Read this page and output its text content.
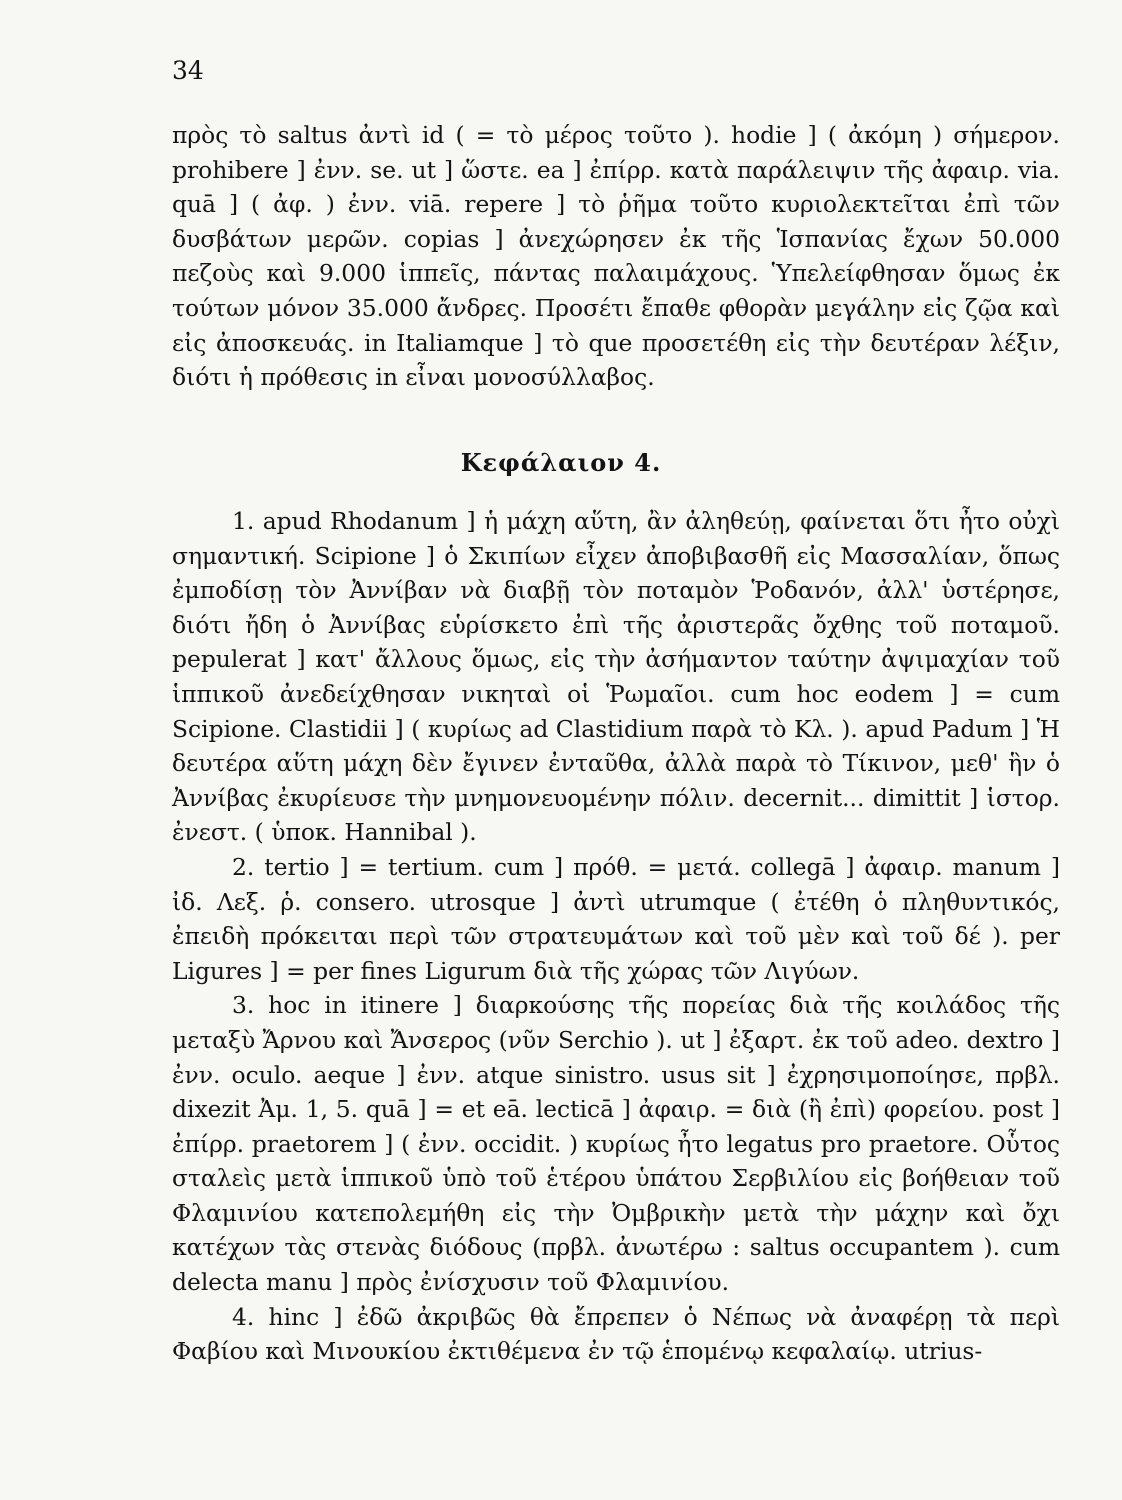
34

πρὸς τὸ saltus ἀντὶ id ( = τὸ μέρος τοῦτο ). hodie ] ( ἀκόμη ) σήμερον. prohibere ] ἐνν. se. ut ] ὥστε. ea ] ἐπίρρ. κατὰ παράλειψιν τῆς ἀφαιρ. via. quā ] ( ἀφ. ) ἐνν. viā. repere ] τὸ ῥῆμα τοῦτο κυριολεκτεῖται ἐπὶ τῶν δυσβάτων μερῶν. copias ] ἀνεχώρησεν ἐκ τῆς Ἱσπανίας ἔχων 50.000 πεζοὺς καὶ 9.000 ἱππεῖς, πάντας παλαιμάχους. Ὑπελείφθησαν ὅμως ἐκ τούτων μόνον 35.000 ἄνδρες. Προσέτι ἔπαθε φθορὰν μεγάλην εἰς ζῷα καὶ εἰς ἀποσκευάς. in Italiamque ] τὸ que προσετέθη εἰς τὴν δευτέραν λέξιν, διότι ἡ πρόθεσις in εἶναι μονοσύλλαβος.

Κεφάλαιον 4.

1. apud Rhodanum ] ἡ μάχη αὕτη, ἂν ἀληθεύῃ, φαίνεται ὅτι ἦτο οὐχὶ σημαντική. Scipione ] ὁ Σκιπίων εἶχεν ἀποβιβασθῆ εἰς Μασσαλίαν, ὅπως ἐμποδίσῃ τὸν Ἀννίβαν νὰ διαβῇ τὸν ποταμὸν Ῥοδανόν, ἀλλ' ὑστέρησε, διότι ἤδη ὁ Ἀννίβας εὑρίσκετο ἐπὶ τῆς ἀριστερᾶς ὄχθης τοῦ ποταμοῦ. pepulerat ] κατ' ἄλλους ὅμως, εἰς τὴν ἀσήμαντον ταύτην ἀψιμαχίαν τοῦ ἱππικοῦ ἀνεδείχθησαν νικηταὶ οἱ Ῥωμαῖοι. cum hoc eodem ] = cum Scipione. Clastidii ] ( κυρίως ad Clastidium παρὰ τὸ Κλ. ). apud Padum ] Ἡ δευτέρα αὕτη μάχη δὲν ἔγινεν ἐνταῦθα, ἀλλὰ παρὰ τὸ Τίκινον, μεθ' ἣν ὁ Ἀννίβας ἐκυρίευσε τὴν μνημονευομένην πόλιν. decernit... dimittit ] ἱστορ. ἐνεστ. ( ὑποκ. Hannibal ).

2. tertio ] = tertium. cum ] πρόθ. = μετά. collegā ] ἀφαιρ. manum ] ἰδ. Λεξ. ῥ. consero. utrosque ] ἀντὶ utrumque ( ἐτέθη ὁ πληθυντικός, ἐπειδὴ πρόκειται περὶ τῶν στρατευμάτων καὶ τοῦ μὲν καὶ τοῦ δέ ). per Ligures ] = per fines Ligurum διὰ τῆς χώρας τῶν Λιγύων.

3. hoc in itinere ] διαρκούσης τῆς πορείας διὰ τῆς κοιλάδος τῆς μεταξὺ Ἄρνου καὶ Ἄνσερος (νῦν Serchio ). ut ] ἐξαρτ. ἐκ τοῦ adeo. dextro ] ἐνν. oculo. aeque ] ἐνν. atque sinistro. usus sit ] ἐχρησιμοποίησε, πρβλ. dixezit Ἀμ. 1, 5. quā ] = et eā. lecticā ] ἀφαιρ. = διὰ (ἢ ἐπὶ) φορείου. post ] ἐπίρρ. praetorem ] ( ἐνν. occidit. ) κυρίως ἦτο legatus pro praetore. Οὗτος σταλεὶς μετὰ ἱππικοῦ ὑπὸ τοῦ ἑτέρου ὑπάτου Σερβιλίου εἰς βοήθειαν τοῦ Φλαμινίου κατεπολεμήθη εἰς τὴν Ὀμβρικὴν μετὰ τὴν μάχην καὶ ὄχι κατέχων τὰς στενὰς διόδους (πρβλ. ἀνωτέρω : saltus occupantem ). cum delecta manu ] πρὸς ἐνίσχυσιν τοῦ Φλαμινίου.

4. hinc ] ἐδῶ ἀκριβῶς θὰ ἔπρεπεν ὁ Νέπως νὰ ἀναφέρῃ τὰ περὶ Φαβίου καὶ Μινουκίου ἐκτιθέμενα ἐν τῷ ἑπομένῳ κεφαλαίῳ. utrius-
